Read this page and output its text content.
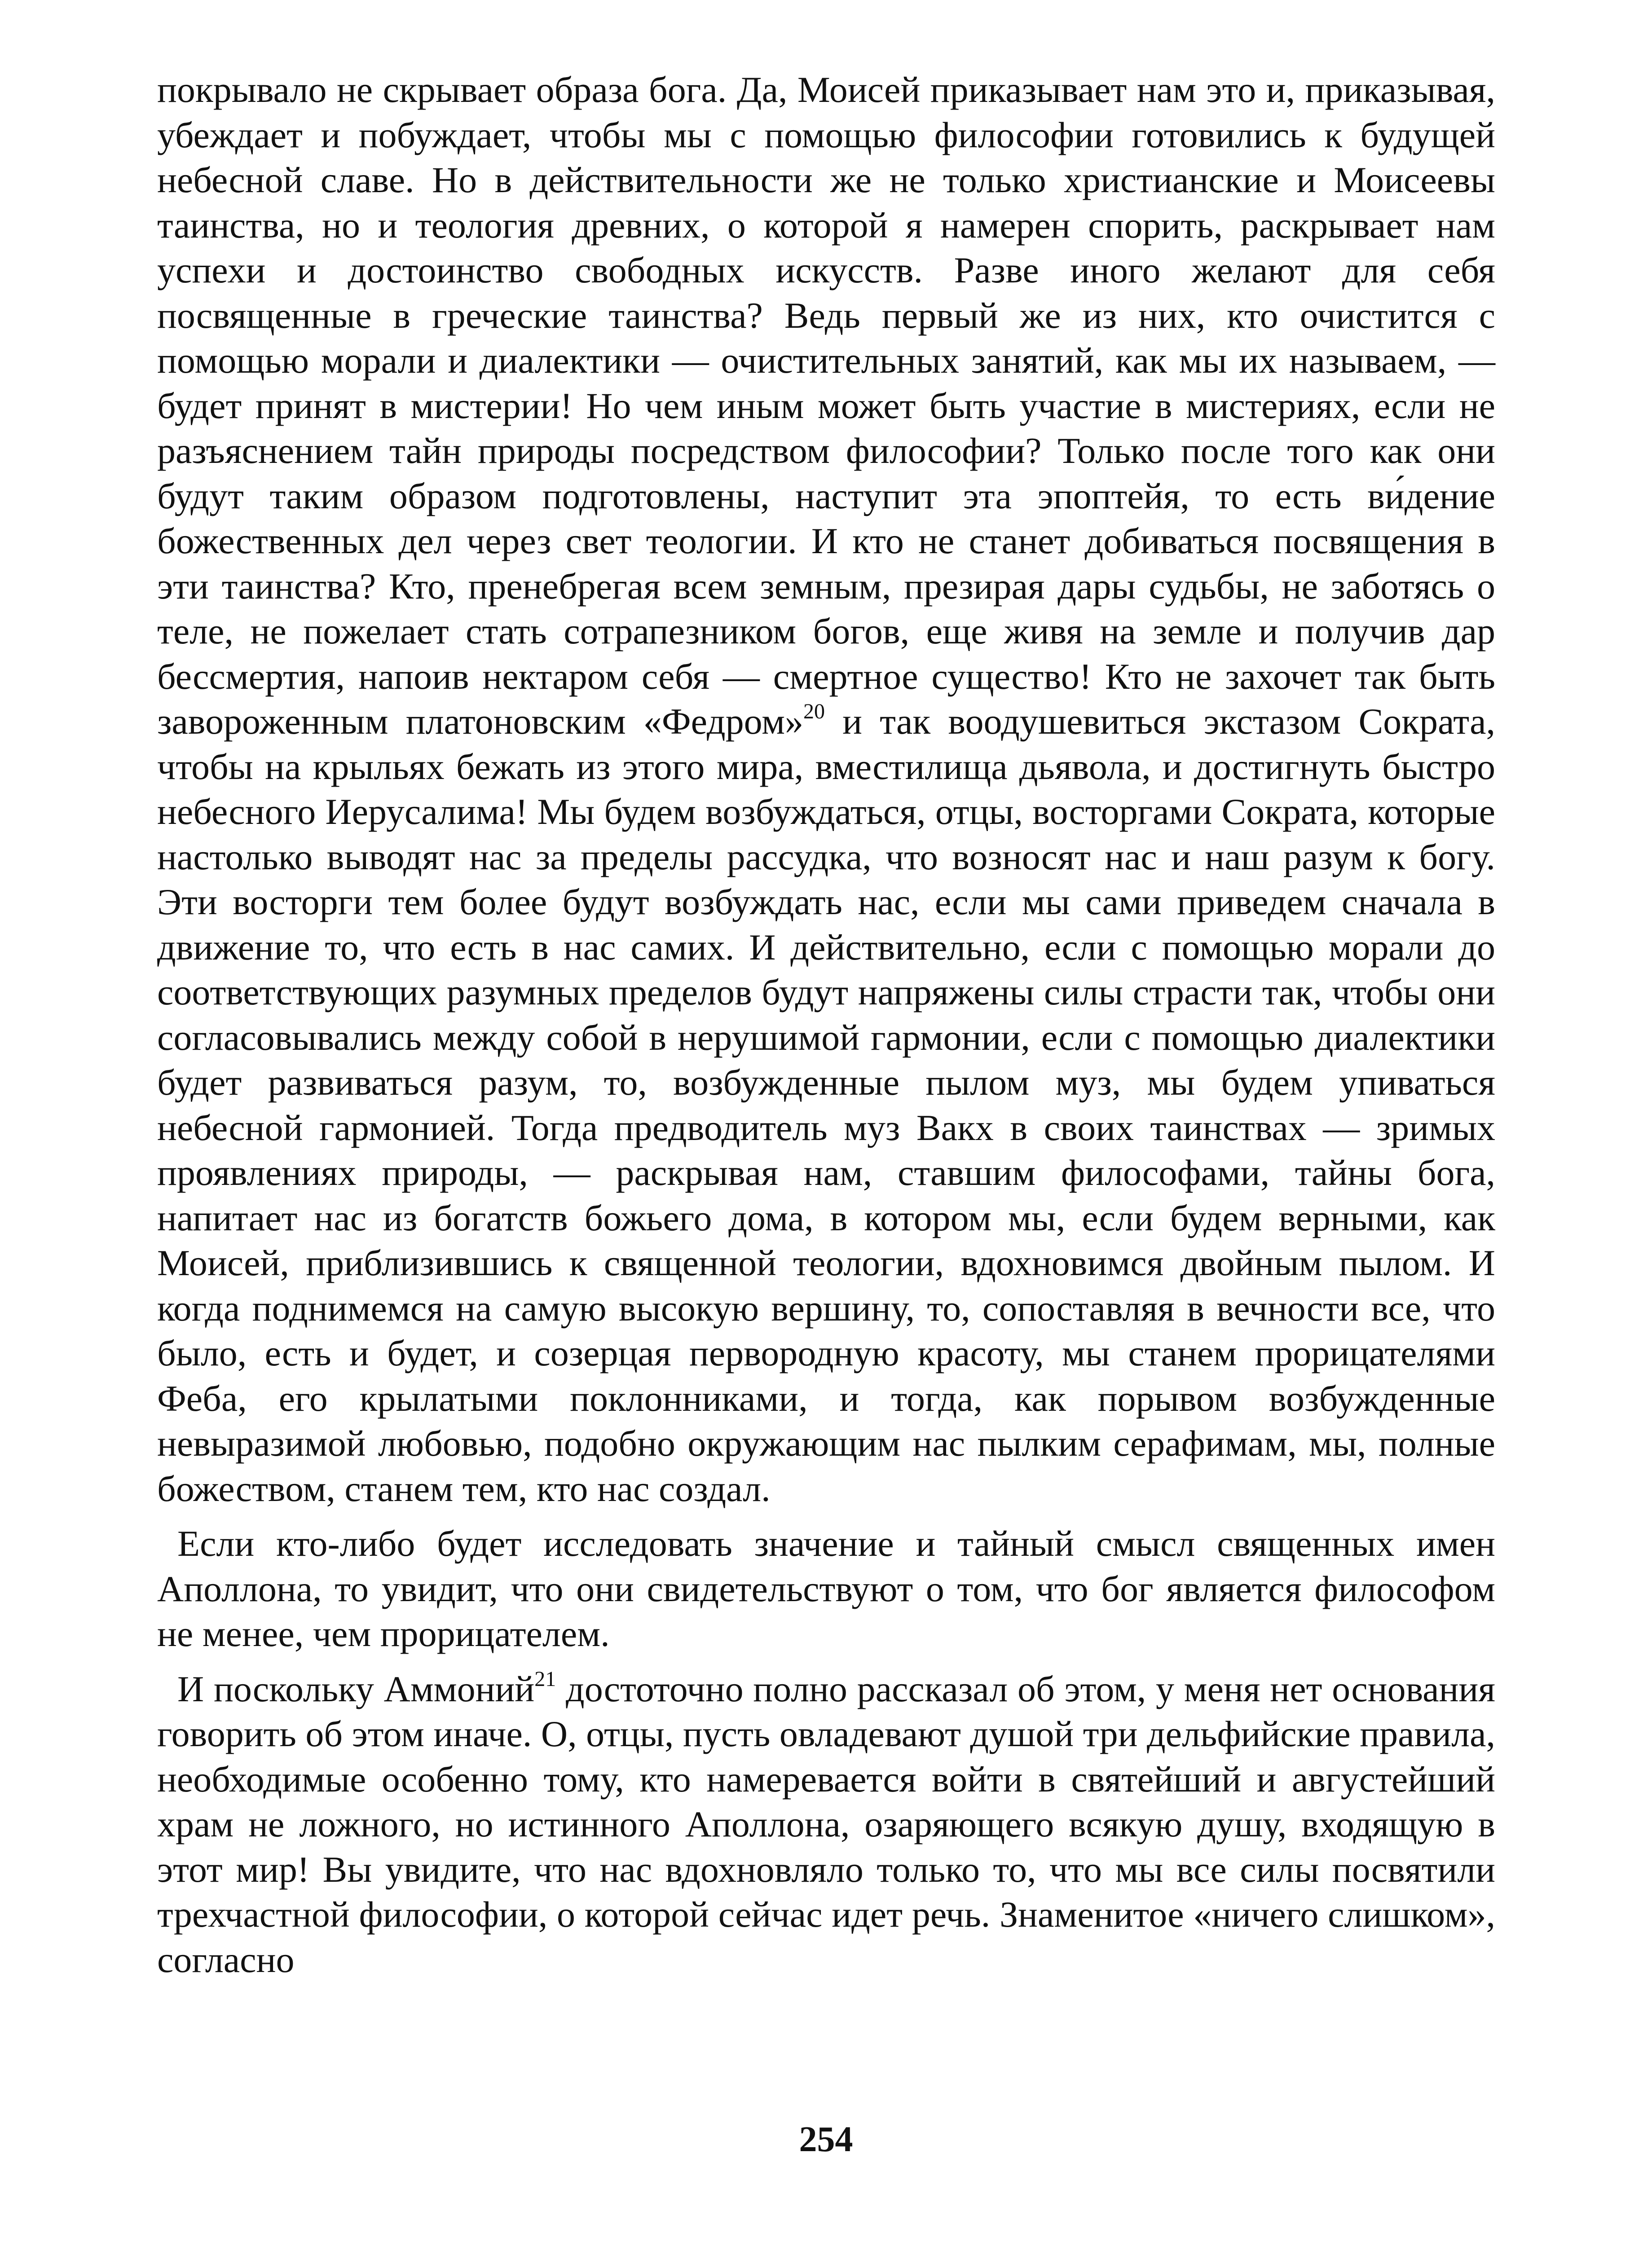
покрывало не скрывает образа бога. Да, Моисей приказывает нам это и, приказывая, убеждает и побуждает, чтобы мы с помощью философии готовились к будущей небесной славе. Но в действительности же не только христианские и Моисеевы таинства, но и теология древних, о которой я намерен спорить, раскрывает нам успехи и достоинство свободных искусств. Разве иного желают для себя посвященные в греческие таинства? Ведь первый же из них, кто очистится с помощью морали и диалектики — очистительных занятий, как мы их называем, — будет принят в мистерии! Но чем иным может быть участие в мистериях, если не разъяснением тайн природы посредством философии? Только после того как они будут таким образом подготовлены, наступит эта эпоптейя, то есть ви́дение божественных дел через свет теологии. И кто не станет добиваться посвящения в эти таинства? Кто, пренебрегая всем земным, презирая дары судьбы, не заботясь о теле, не пожелает стать сотрапезником богов, еще живя на земле и получив дар бессмертия, напоив нектаром себя — смертное существо! Кто не захочет так быть завороженным платоновским «Федром»$^{20}$ и так воодушевиться экстазом Сократа, чтобы на крыльях бежать из этого мира, вместилища дьявола, и достигнуть быстро небесного Иерусалима! Мы будем возбуждаться, отцы, восторгами Сократа, которые настолько выводят нас за пределы рассудка, что возносят нас и наш разум к богу. Эти восторги тем более будут возбуждать нас, если мы сами приведем сначала в движение то, что есть в нас самих. И действительно, если с помощью морали до соответствующих разумных пределов будут напряжены силы страсти так, чтобы они согласовывались между собой в нерушимой гармонии, если с помощью диалектики будет развиваться разум, то, возбужденные пылом муз, мы будем упиваться небесной гармонией. Тогда предводитель муз Вакх в своих таинствах — зримых проявлениях природы, — раскрывая нам, ставшим философами, тайны бога, напитает нас из богатств божьего дома, в котором мы, если будем верными, как Моисей, приблизившись к священной теологии, вдохновимся двойным пылом. И когда поднимемся на самую высокую вершину, то, сопоставляя в вечности все, что было, есть и будет, и созерцая первородную красоту, мы станем прорицателями Феба, его крылатыми поклонниками, и тогда, как порывом возбужденные невыразимой любовью, подобно окружающим нас пылким серафимам, мы, полные божеством, станем тем, кто нас создал.

Если кто-либо будет исследовать значение и тайный смысл священных имен Аполлона, то увидит, что они свидетельствуют о том, что бог является философом не менее, чем прорицателем.

И поскольку Аммоний$^{21}$ достоточно полно рассказал об этом, у меня нет основания говорить об этом иначе. О, отцы, пусть овладевают душой три дельфийские правила, необходимые особенно тому, кто намеревается войти в святейший и августейший храм не ложного, но истинного Аполлона, озаряющего всякую душу, входящую в этот мир! Вы увидите, что нас вдохновляло только то, что мы все силы посвятили трехчастной философии, о которой сейчас идет речь. Знаменитое «ничего слишком», согласно

254
